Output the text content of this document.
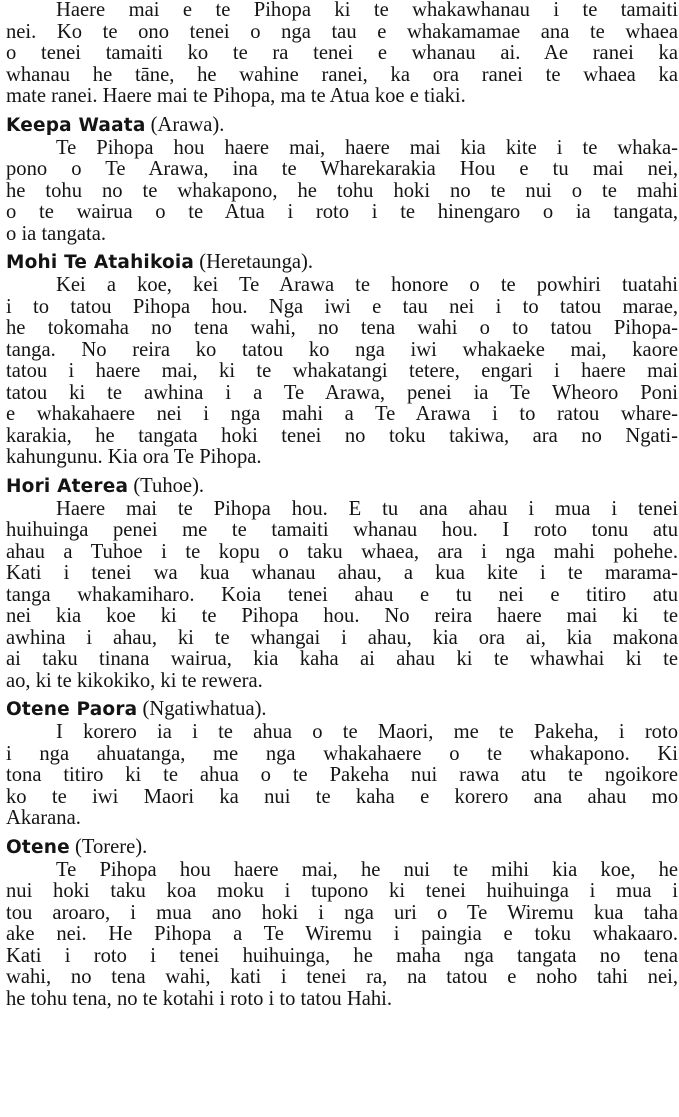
Haere mai e te Pihopa ki te whakawhanau i te tamaiti
nei. Ko te ono tenei o nga tau e whakamamae ana te whaea
o tenei tamaiti ko te ra tenei e whanau ai. Ae ranei ka
whanau he tāne, he wahine ranei, ka ora ranei te whaea ka
mate ranei. Haere mai te Pihopa, ma te Atua koe e tiaki.
Keepa Waata (Arawa).
Te Pihopa hou haere mai, haere mai kia kite i te whaka-
pono o Te Arawa, ina te Wharekarakia Hou e tu mai nei,
he tohu no te whakapono, he tohu hoki no te nui o te mahi
o te wairua o te Atua i roto i te hinengaro o ia tangata,
o ia tangata.
Mohi Te Atahikoia (Heretaunga).
Kei a koe, kei Te Arawa te honore o te powhiri tuatahi
i to tatou Pihopa hou. Nga iwi e tau nei i to tatou marae,
he tokomaha no tena wahi, no tena wahi o to tatou Pihopa-
tanga. No reira ko tatou ko nga iwi whakaeke mai, kaore
tatou i haere mai, ki te whakatangi tetere, engari i haere mai
tatou ki te awhina i a Te Arawa, penei ia Te Wheoro Poni
e whakahaere nei i nga mahi a Te Arawa i to ratou whare-
karakia, he tangata hoki tenei no toku takiwa, ara no Ngati-
kahungunu. Kia ora Te Pihopa.
Hori Aterea (Tuhoe).
Haere mai te Pihopa hou. E tu ana ahau i mua i tenei
huihuinga penei me te tamaiti whanau hou. I roto tonu atu
ahau a Tuhoe i te kopu o taku whaea, ara i nga mahi pohehe.
Kati i tenei wa kua whanau ahau, a kua kite i te marama-
tanga whakamiharo. Koia tenei ahau e tu nei e titiro atu
nei kia koe ki te Pihopa hou. No reira haere mai ki te
awhina i ahau, ki te whangai i ahau, kia ora ai, kia makona
ai taku tinana wairua, kia kaha ai ahau ki te whawhai ki te
ao, ki te kikokiko, ki te rewera.
Otene Paora (Ngatiwhatua).
I korero ia i te ahua o te Maori, me te Pakeha, i roto
i nga ahuatanga, me nga whakahaere o te whakapono. Ki
tona titiro ki te ahua o te Pakeha nui rawa atu te ngoikore
ko te iwi Maori ka nui te kaha e korero ana ahau mo
Akarana.
Otene (Torere).
Te Pihopa hou haere mai, he nui te mihi kia koe, he
nui hoki taku koa moku i tupono ki tenei huihuinga i mua i
tou aroaro, i mua ano hoki i nga uri o Te Wiremu kua taha
ake nei. He Pihopa a Te Wiremu i paingia e toku whakaaro.
Kati i roto i tenei huihuinga, he maha nga tangata no tena
wahi, no tena wahi, kati i tenei ra, na tatou e noho tahi nei,
he tohu tena, no te kotahi i roto i to tatou Hahi.
